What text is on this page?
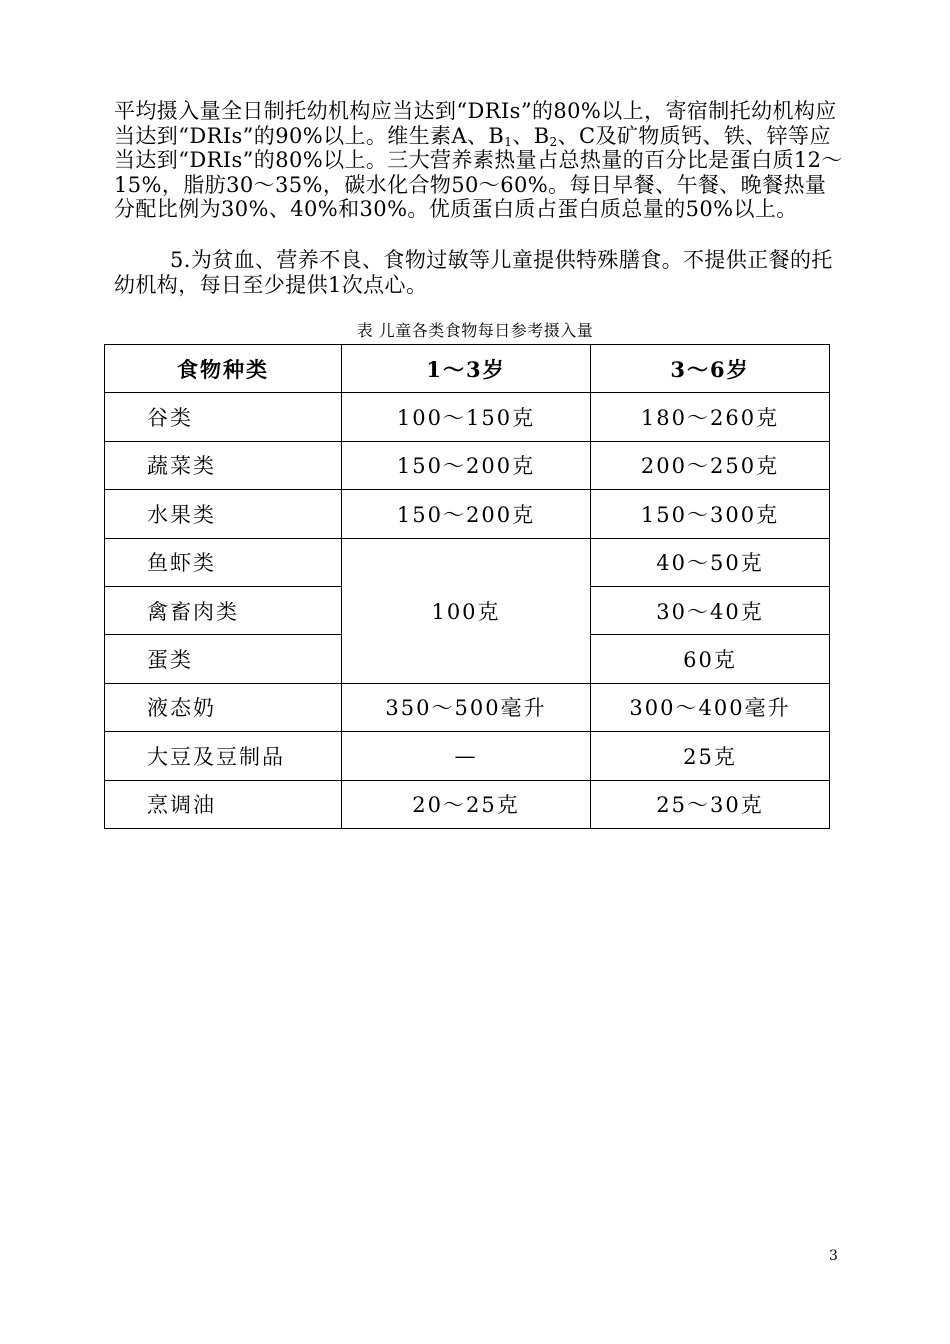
平均摄入量全日制托幼机构应当达到“DRIs”的80%以上，寄宿制托幼机构应当达到“DRIs”的90%以上。维生素A、$B_1$、$B_2$、C及矿物质钙、铁、锌等应当达到“DRIs”的80%以上。三大营养素热量占总热量的百分比是蛋白质12～15%，脂肪30～35%，碳水化合物50～60%。每日早餐、午餐、晚餐热量分配比例为30%、40%和30%。优质蛋白质占蛋白质总量的50%以上。

5.为贫血、营养不良、食物过敏等儿童提供特殊膳食。不提供正餐的托幼机构，每日至少提供1次点心。

表 儿童各类食物每日参考摄入量
食物种类	1～3岁	3～6岁
谷类	100～150克	180～260克
蔬菜类	150～200克	200～250克
水果类	150～200克	150～300克
鱼虾类	100克	40～50克
禽畜肉类		30～40克
蛋类		60克
液态奶	350～500毫升	300～400毫升
大豆及豆制品	—	25克
烹调油	20～25克	25～30克
3
